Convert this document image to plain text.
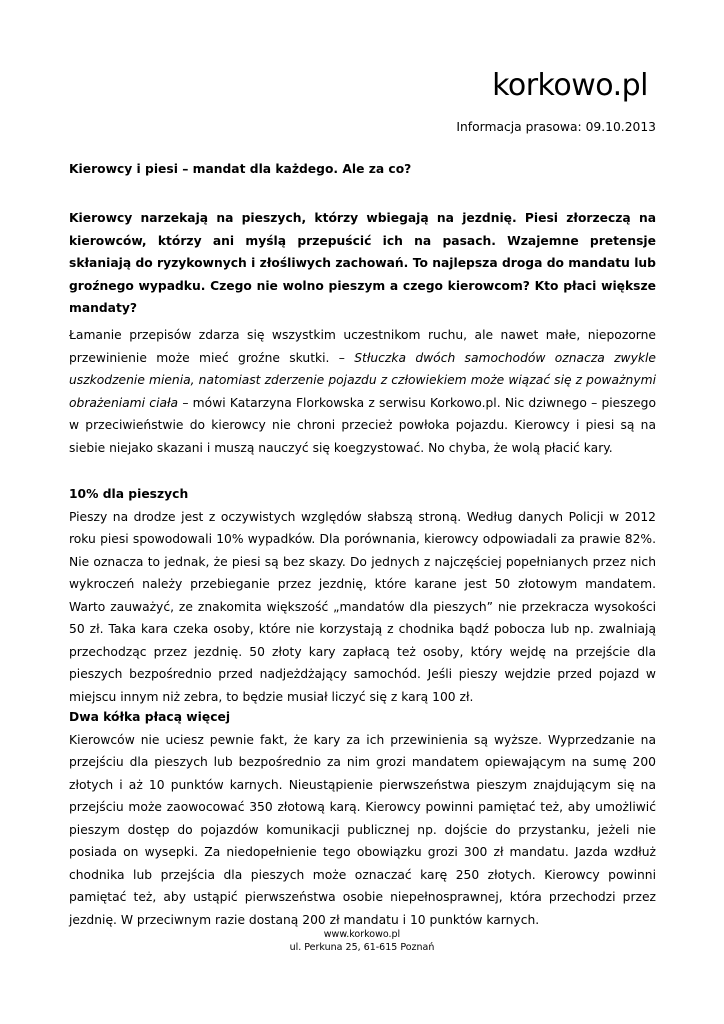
korkowo.pl
Informacja prasowa: 09.10.2013
Kierowcy i piesi – mandat dla każdego. Ale za co?
Kierowcy narzekają na pieszych, którzy wbiegają na jezdnię. Piesi złorzeczą na kierowców, którzy ani myślą przepuścić ich na pasach. Wzajemne pretensje skłaniają do ryzykownych i złośliwych zachowań. To najlepsza droga do mandatu lub groźnego wypadku. Czego nie wolno pieszym a czego kierowcom? Kto płaci większe mandaty?
Łamanie przepisów zdarza się wszystkim uczestnikom ruchu, ale nawet małe, niepozorne przewinienie może mieć groźne skutki. – Stłuczka dwóch samochodów oznacza zwykle uszkodzenie mienia, natomiast zderzenie pojazdu z człowiekiem może wiązać się z poważnymi obrażeniami ciała – mówi Katarzyna Florkowska z serwisu Korkowo.pl. Nic dziwnego – pieszego w przeciwieństwie do kierowcy nie chroni przecież powłoka pojazdu. Kierowcy i piesi są na siebie niejako skazani i muszą nauczyć się koegzystować. No chyba, że wolą płacić kary.
10% dla pieszych

Pieszy na drodze jest z oczywistych względów słabszą stroną. Według danych Policji w 2012 roku piesi spowodowali 10% wypadków. Dla porównania, kierowcy odpowiadali za prawie 82%. Nie oznacza to jednak, że piesi są bez skazy. Do jednych z najczęściej popełnianych przez nich wykroczeń należy przebieganie przez jezdnię, które karane jest 50 złotowym mandatem. Warto zauważyć, ze znakomita większość „mandatów dla pieszych” nie przekracza wysokości 50 zł. Taka kara czeka osoby, które nie korzystają z chodnika bądź pobocza lub np. zwalniają przechodząc przez jezdnię. 50 złoty kary zapłacą też osoby, który wejdę na przejście dla pieszych bezpośrednio przed nadjeżdżający samochód. Jeśli pieszy wejdzie przed pojazd w miejscu innym niż zebra, to będzie musiał liczyć się z karą 100 zł.

Dwa kółka płacą więcej

Kierowców nie uciesz pewnie fakt, że kary za ich przewinienia są wyższe. Wyprzedzanie na przejściu dla pieszych lub bezpośrednio za nim grozi mandatem opiewającym na sumę 200 złotych i aż 10 punktów karnych. Nieustąpienie pierwszeństwa pieszym znajdującym się na przejściu może zaowocować 350 złotową karą. Kierowcy powinni pamiętać też, aby umożliwić pieszym dostęp do pojazdów komunikacji publicznej np. dojście do przystanku, jeżeli nie posiada on wysepki. Za niedopełnienie tego obowiązku grozi 300 zł mandatu. Jazda wzdłuż chodnika lub przejścia dla pieszych może oznaczać karę 250 złotych. Kierowcy powinni pamiętać też, aby ustąpić pierwszeństwa osobie niepełnosprawnej, która przechodzi przez jezdnię. W przeciwnym razie dostaną 200 zł mandatu i 10 punktów karnych.

www.korkowo.pl
ul. Perkuna 25, 61-615 Poznań
